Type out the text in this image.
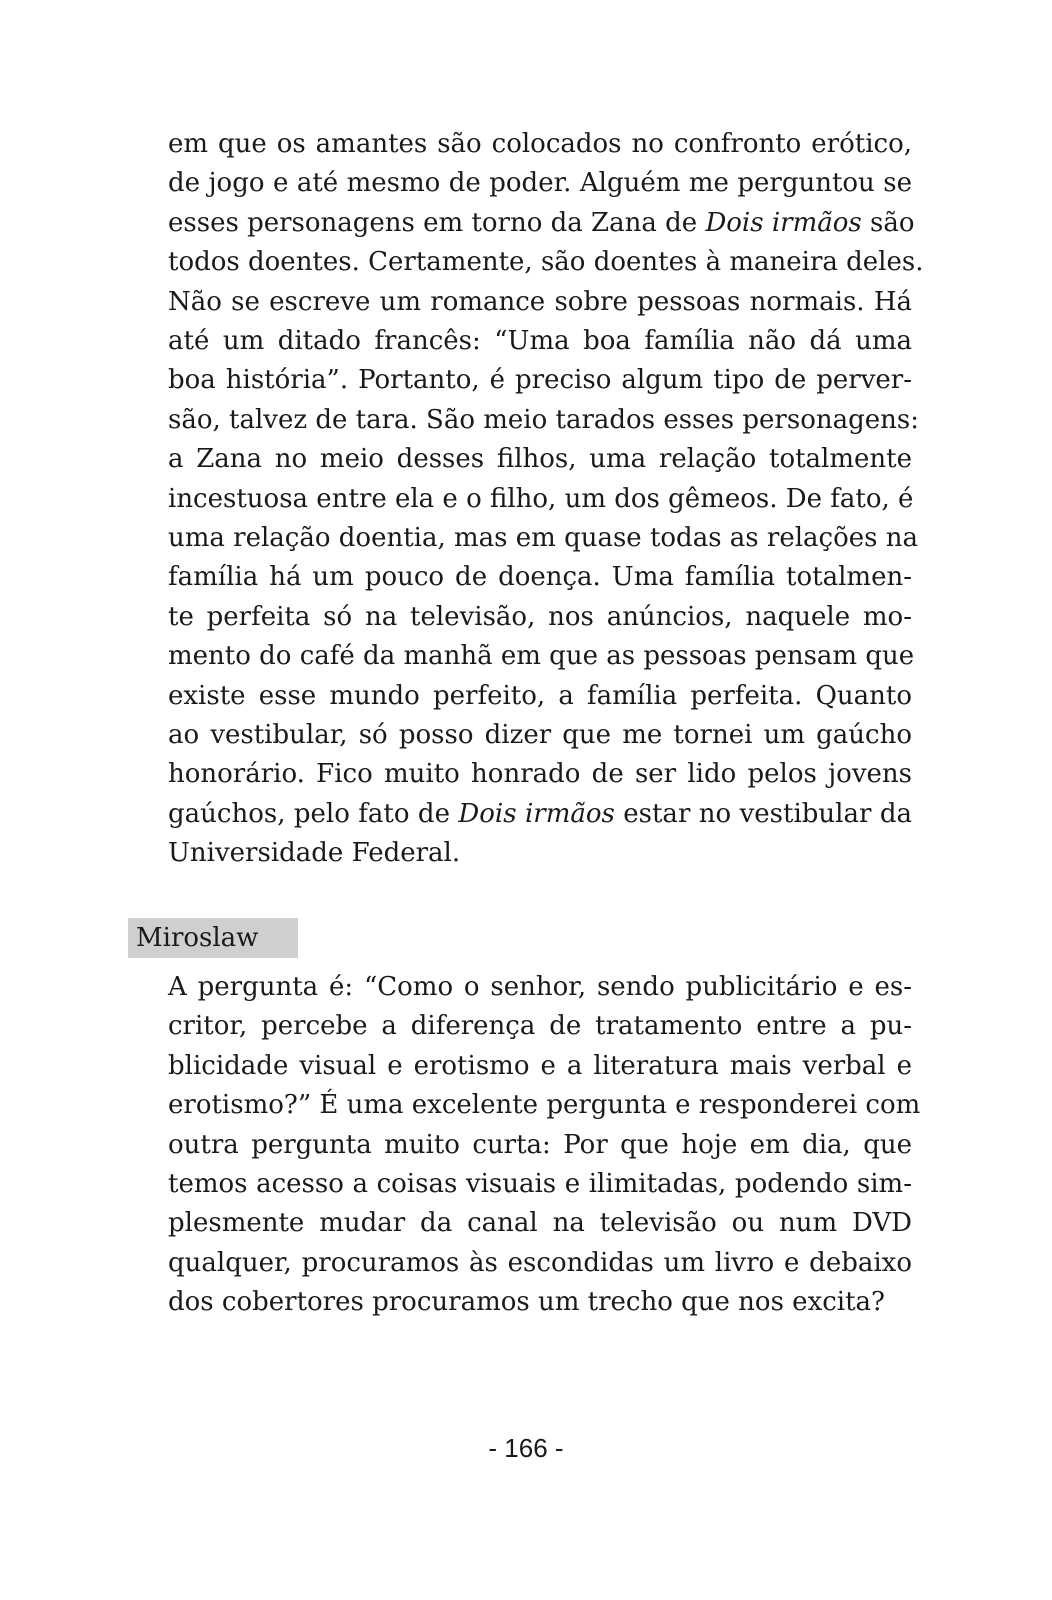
em que os amantes são colocados no confronto erótico,
de jogo e até mesmo de poder. Alguém me perguntou se
esses personagens em torno da Zana de Dois irmãos são
todos doentes. Certamente, são doentes à maneira deles.
Não se escreve um romance sobre pessoas normais. Há
até um ditado francês: “Uma boa família não dá uma
boa história”. Portanto, é preciso algum tipo de perver-
são, talvez de tara. São meio tarados esses personagens:
a Zana no meio desses filhos, uma relação totalmente
incestuosa entre ela e o filho, um dos gêmeos. De fato, é
uma relação doentia, mas em quase todas as relações na
família há um pouco de doença. Uma família totalmen-
te perfeita só na televisão, nos anúncios, naquele mo-
mento do café da manhã em que as pessoas pensam que
existe esse mundo perfeito, a família perfeita. Quanto
ao vestibular, só posso dizer que me tornei um gaúcho
honorário. Fico muito honrado de ser lido pelos jovens
gaúchos, pelo fato de Dois irmãos estar no vestibular da
Universidade Federal.
Miroslaw
A pergunta é: “Como o senhor, sendo publicitário e es-
critor, percebe a diferença de tratamento entre a pu-
blicidade visual e erotismo e a literatura mais verbal e
erotismo?” É uma excelente pergunta e responderei com
outra pergunta muito curta: Por que hoje em dia, que
temos acesso a coisas visuais e ilimitadas, podendo sim-
plesmente mudar da canal na televisão ou num DVD
qualquer, procuramos às escondidas um livro e debaixo
dos cobertores procuramos um trecho que nos excita?
- 166 -
